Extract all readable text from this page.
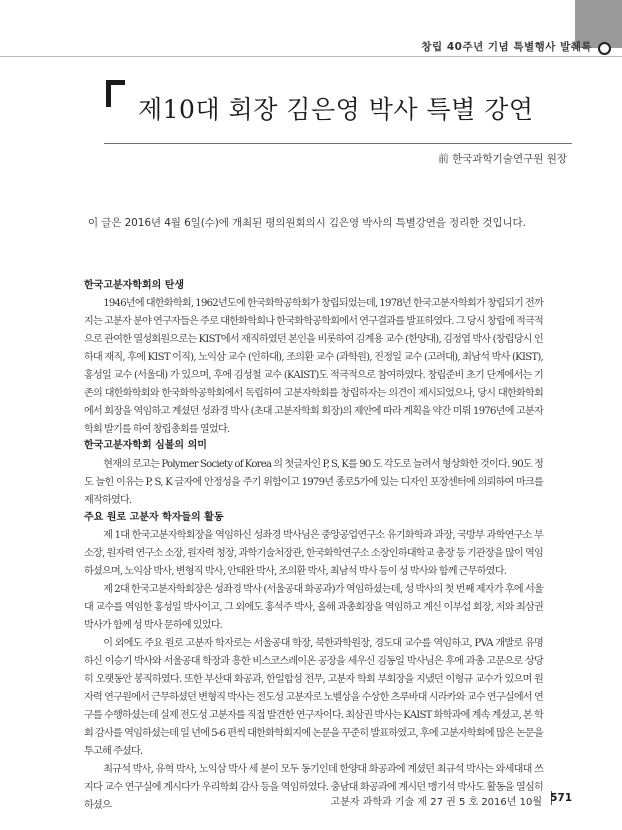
창립 40주년 기념 특별행사 발췌록
제10대 회장 김은영 박사 특별 강연
前 한국과학기술연구원 원장
이 글은 2016년 4월 6일(수)에 개최된 평의원회의시 김은영 박사의 특별강연을 정리한 것입니다.
한국고분자학회의 탄생

1946년에 대한화학회, 1962년도에 한국화학공학회가 창립되었는데, 1978년 한국고분자학회가 창립되기 전까지는 고분자 분야 연구자들은 주로 대한화학회나 한국화학공학회에서 연구결과를 발표하였다. 그 당시 창립에 적극적으로 관여한 열성회원으로는 KIST에서 재직하였던 본인을 비롯하여 김계용 교수 (한양대), 김정엽 박사 (창립당시 인하대 재직, 후에 KIST 이직), 노익삼 교수 (인하대), 조의환 교수 (과학원), 진정일 교수 (고려대), 최남석 박사 (KIST), 홍성일 교수 (서울대) 가 있으며, 후에 김성철 교수 (KAIST)도 적극적으로 참여하였다. 창립준비 초기 단계에서는 기존의 대한화학회와 한국화학공학회에서 독립하여 고분자학회를 창립하자는 의견이 제시되었으나, 당시 대한화학회에서 회장을 역임하고 계셨던 성좌경 박사 (초대 고분자학회 회장)의 제안에 따라 계획을 약간 미뤄 1976년에 고분자학회 발기를 하여 창립총회를 열었다.

한국고분자학회 심볼의 의미

현재의 로고는 Polymer Society of Korea 의 첫글자인 P, S, K를 90 도 각도로 늘려서 형상화한 것이다. 90도 정도 늘힌 이유는 P, S, K 글자에 안정성을 주기 위함이고 1979년 종로5가에 있는 디자인 포장센터에 의뢰하여 마크를 제작하였다.

주요 원로 고분자 학자들의 활동

제 1대 한국고분자학회장을 역임하신 성좌경 박사님은 중앙공업연구소 유기화학과 과장, 국방부 과학연구소 부소장, 원자력 연구소 소장, 원자력 청장, 과학기술처장관, 한국화학연구소 소장인하대학교 총장 등 기관장을 많이 역임하셨으며, 노익삼 박사, 변형직 박사, 안태완 박사, 조의환 박사, 최남석 박사 등이 성 박사와 함께 근무하였다.

제 2대 한국고분자학회장은 성좌경 박사 (서울공대 화공과)가 역임하셨는데, 성 박사의 첫 번째 제자가 후에 서울대 교수를 역임한 홍성일 박사이고, 그 외에도 홍석주 박사, 올해 과총회장을 역임하고 계신 이부섭 회장, 저와 최삼권 박사가 함께 성 박사 문하에 있었다.

이 외에도 주요 원로 고분자 학자로는 서울공대 학장, 북한과학원장, 경도대 교수를 역임하고, PVA 개발로 유명하신 이승기 박사와 서울공대 학장과 흥한 비스코스레이온 공장을 세우신 김동일 박사님은 후에 과총 고문으로 상당히 오랫동안 봉직하였다. 또한 부산대 화공과, 한일합섬 전무, 고분자 학회 부회장을 지냈던 이형규 교수가 있으며 원자력 연구원에서 근무하셨던 변형직 박사는 전도성 고분자로 노벨상을 수상한 츠루바대 시라카와 교수 연구실에서 연구를 수행하셨는데 실제 전도성 고분자를 직접 발견한 연구자이다. 최삼권 박사는 KAIST 화학과에 계속 계셨고, 본 학회 감사를 역임하셨는데 일 년에 5-6 편씩 대한화학회지에 논문을 꾸준히 발표하였고, 후에 고분자학회에 많은 논문을 투고해 주셨다.

최규석 박사, 유혁 박사, 노익삼 박사 세 분이 모두 동기인데 한양대 화공과에 계셨던 최규석 박사는 와세대대 쓰지다 교수 연구실에 계시다가 우리학회 감사 등을 역임하였다. 충남대 화공과에 계시던 맹기석 박사도 활동을 열심히 하셨으	고분자 과학과 기술 제 27 권 5 호 2016년 10월 571
